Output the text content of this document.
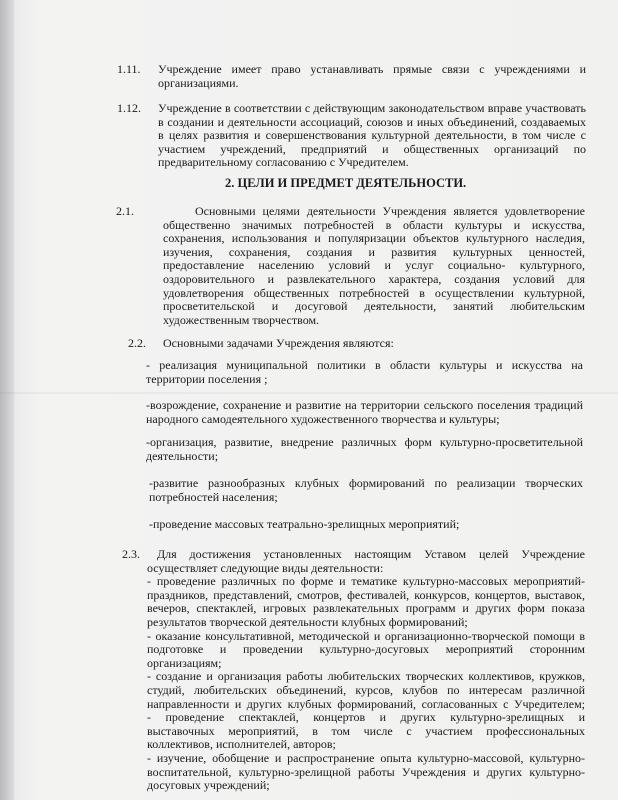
1.11. Учреждение имеет право устанавливать прямые связи с учреждениями и
организациями.
1.12. Учреждение в соответствии с действующим законодательством вправе участвовать
в создании и деятельности ассоциаций, союзов и иных объединений, создаваемых
в целях развития и совершенствования культурной деятельности, в том числе с
участием учреждений, предприятий и общественных организаций по
предварительному согласованию с Учредителем.
2. ЦЕЛИ И ПРЕДМЕТ ДЕЯТЕЛЬНОСТИ.
2.1.	Основными целями деятельности Учреждения является удовлетворение
общественно значимых потребностей в области культуры и искусства,
сохранения, использования и популяризации объектов культурного наследия,
изучения, сохранения, создания и развития культурных ценностей,
предоставление населению условий и услуг социально- культурного,
оздоровительного и развлекательного характера, создания условий для
удовлетворения общественных потребностей в осуществлении культурной,
просветительской и досуговой деятельности, занятий любительским
художественным творчеством.
2.2. Основными задачами Учреждения являются:
- реализация муниципальной политики в области культуры и искусства на
территории поселения ;
-возрождение, сохранение и развитие на территории сельского поселения традиций
народного самодеятельного художественного творчества и культуры;
-организация, развитие, внедрение различных форм культурно-просветительной
деятельности;
-развитие разнообразных клубных формирований по реализации творческих
потребностей населения;
-проведение массовых театрально-зрелищных мероприятий;
2.3.	Для достижения установленных настоящим Уставом целей Учреждение
осуществляет следующие виды деятельности:
- проведение различных по форме и тематике культурно-массовых мероприятий-
праздников, представлений, смотров, фестивалей, конкурсов, концертов, выставок,
вечеров, спектаклей, игровых развлекательных программ и других форм показа
результатов творческой деятельности клубных формирований;
- оказание консультативной, методической и организационно-творческой помощи в
подготовке и проведении культурно-досуговых мероприятий сторонним
организациям;
- создание и организация работы любительских творческих коллективов, кружков,
студий, любительских объединений, курсов, клубов по интересам различной
направленности и других клубных формирований, согласованных с Учредителем;
- проведение спектаклей, концертов и других культурно-зрелищных и
выставочных мероприятий, в том числе с участием профессиональных
коллективов, исполнителей, авторов;
- изучение, обобщение и распространение опыта культурно-массовой, культурно-
воспитательной, культурно-зрелищной работы Учреждения и других культурно-
досуговых учреждений;
